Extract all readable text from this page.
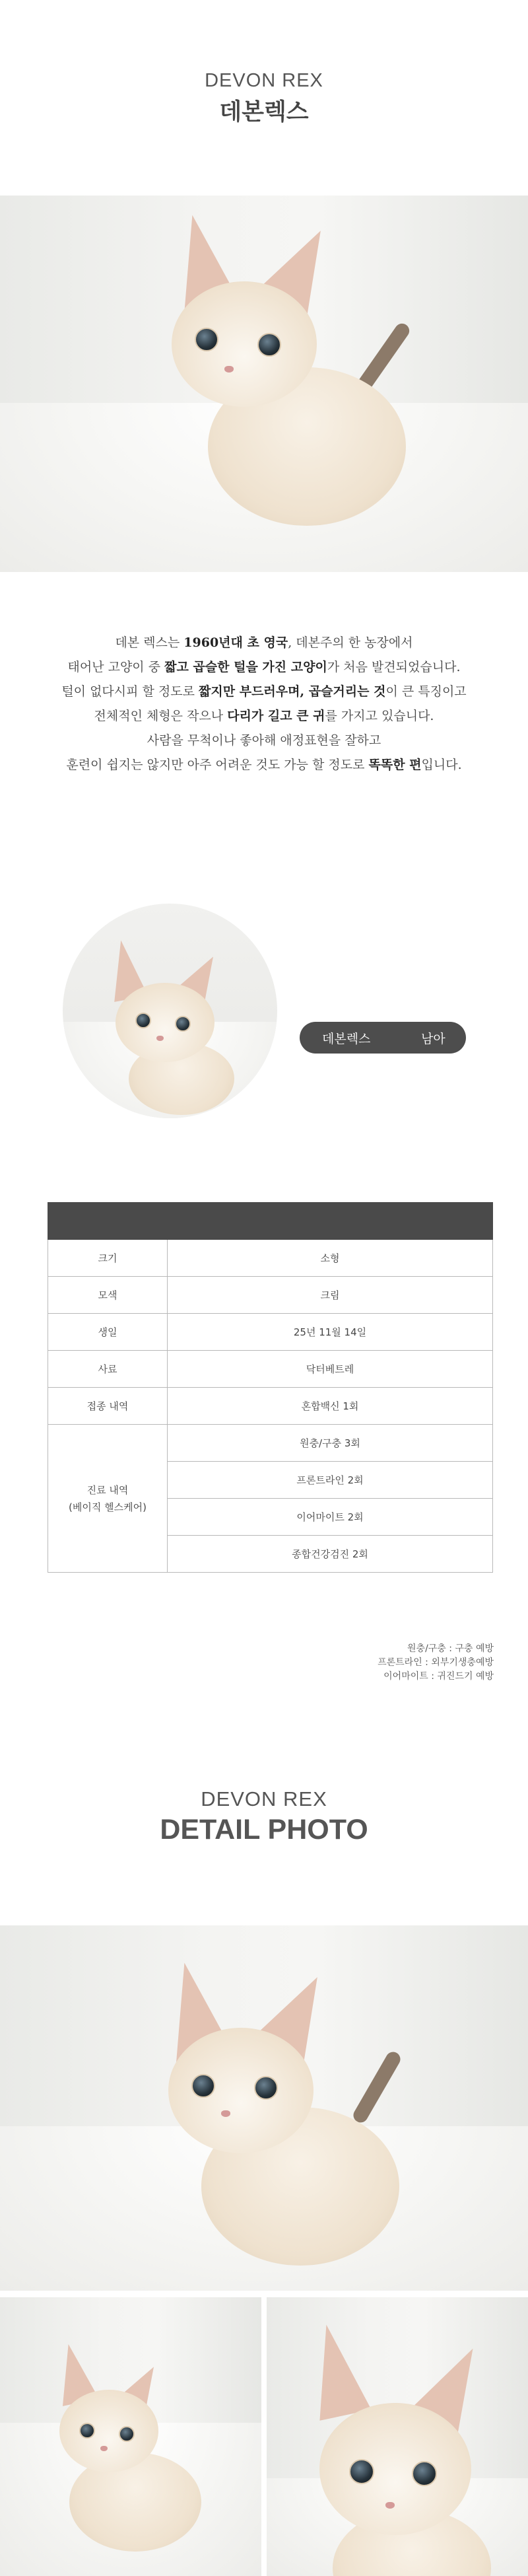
DEVON REX
데본렉스

데본 렉스는 1960년대 초 영국, 데본주의 한 농장에서

태어난 고양이 중 짧고 곱슬한 털을 가진 고양이가 처음 발견되었습니다.

털이 없다시피 할 정도로 짧지만 부드러우며, 곱슬거리는 것이 큰 특징이고

전체적인 체형은 작으나 다리가 길고 큰 귀를 가지고 있습니다.

사람을 무척이나 좋아해 애정표현을 잘하고

훈련이 쉽지는 않지만 아주 어려운 것도 가능 할 정도로 똑똑한 편입니다.

데본렉스	남아

크기	소형
모색	크림
생일	25년 11월 14일
사료	닥터베트레
접종 내역	혼합백신 1회

진료 내역
(베이직 헬스케어)	원충/구충 3회
	프론트라인 2회
	이어마이트 2회
	종합건강검진 2회
원충/구충 : 구충 예방
프론트라인 : 외부기생충예방
이어마이트 : 귀진드기 예방
DEVON REX
DETAIL PHOTO
